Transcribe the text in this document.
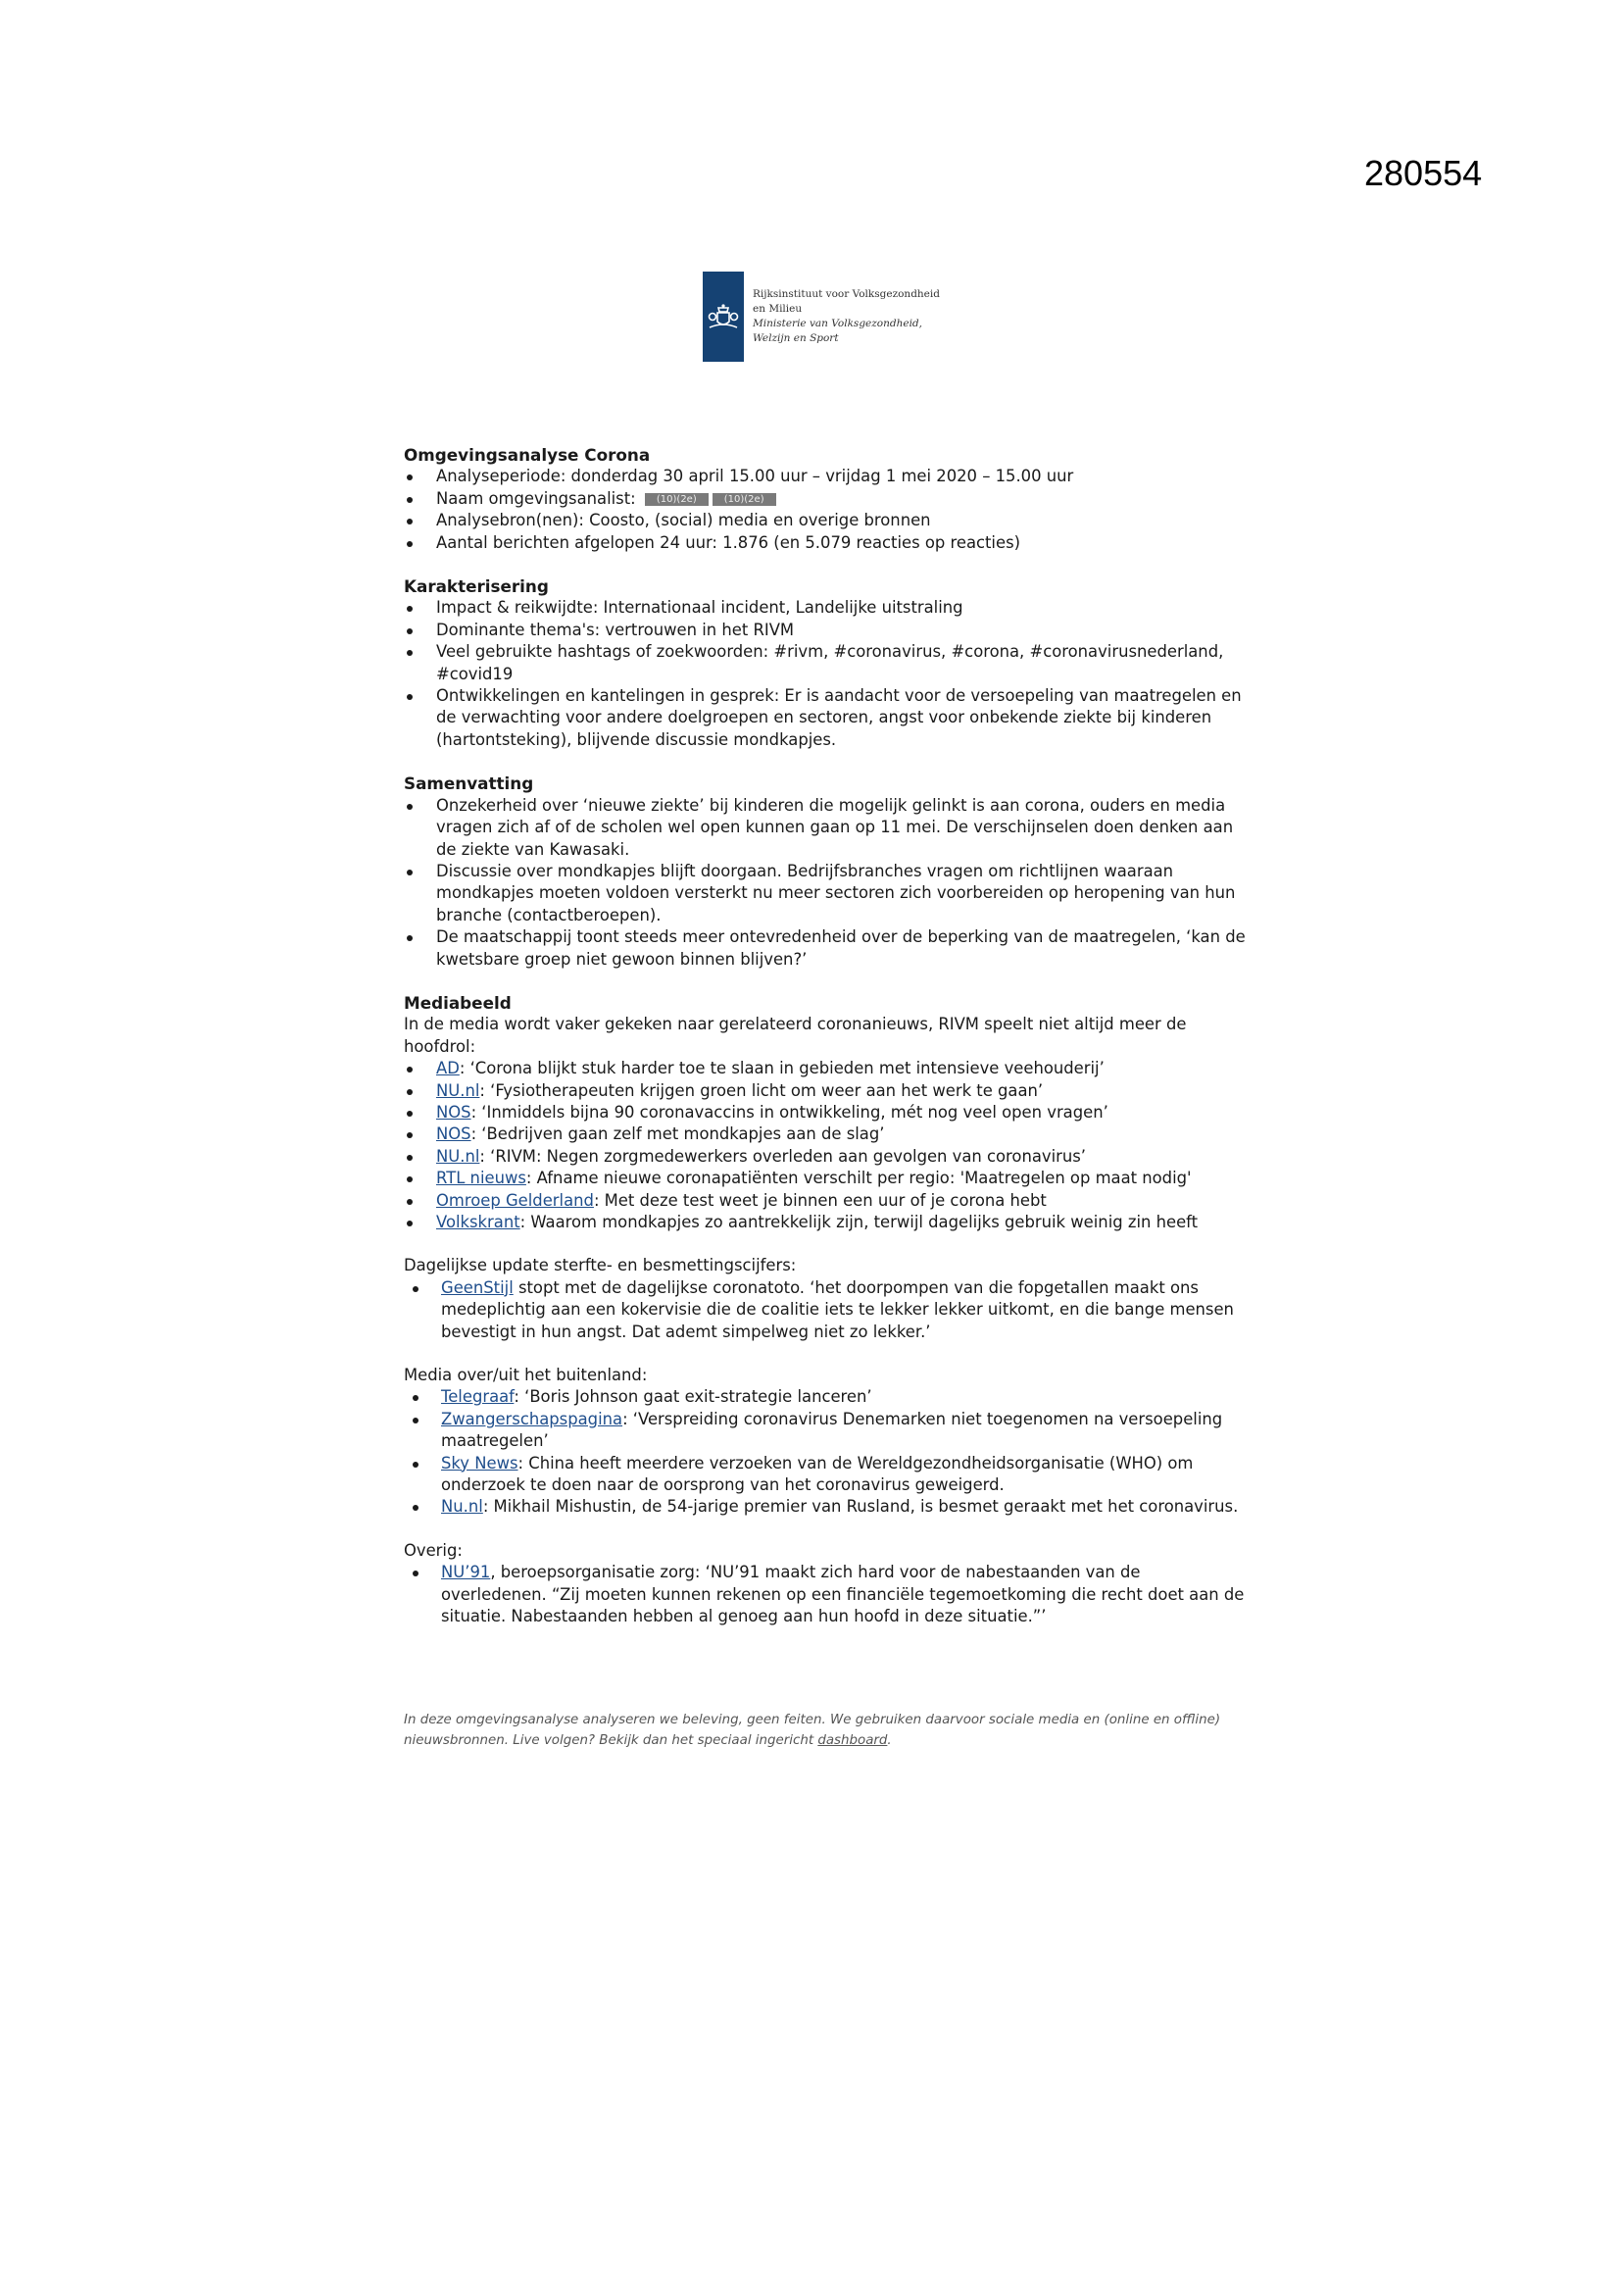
280554
Rijksinstituut voor Volksgezondheid
en Milieu
Ministerie van Volksgezondheid,
Welzijn en Sport
Omgevingsanalyse Corona
Analyseperiode: donderdag 30 april 15.00 uur – vrijdag 1 mei 2020 – 15.00 uur
Naam omgevingsanalist: (10)(2e)	(10)(2e)
Analysebron(nen): Coosto, (social) media en overige bronnen
Aantal berichten afgelopen 24 uur: 1.876 (en 5.079 reacties op reacties)
Karakterisering
Impact & reikwijdte: Internationaal incident, Landelijke uitstraling
Dominante thema's: vertrouwen in het RIVM
Veel gebruikte hashtags of zoekwoorden: #rivm, #coronavirus, #corona, #coronavirusnederland, #covid19
Ontwikkelingen en kantelingen in gesprek: Er is aandacht voor de versoepeling van maatregelen en de verwachting voor andere doelgroepen en sectoren, angst voor onbekende ziekte bij kinderen (hartontsteking), blijvende discussie mondkapjes.
Samenvatting
Onzekerheid over ‘nieuwe ziekte’ bij kinderen die mogelijk gelinkt is aan corona, ouders en media vragen zich af of de scholen wel open kunnen gaan op 11 mei. De verschijnselen doen denken aan de ziekte van Kawasaki.
Discussie over mondkapjes blijft doorgaan. Bedrijfsbranches vragen om richtlijnen waaraan mondkapjes moeten voldoen versterkt nu meer sectoren zich voorbereiden op heropening van hun branche (contactberoepen).
De maatschappij toont steeds meer ontevredenheid over de beperking van de maatregelen, ‘kan de kwetsbare groep niet gewoon binnen blijven?’
Mediabeeld

In de media wordt vaker gekeken naar gerelateerd coronanieuws, RIVM speelt niet altijd meer de hoofdrol:

AD: ‘Corona blijkt stuk harder toe te slaan in gebieden met intensieve veehouderij’
NU.nl: ‘Fysiotherapeuten krijgen groen licht om weer aan het werk te gaan’
NOS: ‘Inmiddels bijna 90 coronavaccins in ontwikkeling, mét nog veel open vragen’
NOS: ‘Bedrijven gaan zelf met mondkapjes aan de slag’
NU.nl: ‘RIVM: Negen zorgmedewerkers overleden aan gevolgen van coronavirus’
RTL nieuws: Afname nieuwe coronapatiënten verschilt per regio: 'Maatregelen op maat nodig'
Omroep Gelderland: Met deze test weet je binnen een uur of je corona hebt
Volkskrant: Waarom mondkapjes zo aantrekkelijk zijn, terwijl dagelijks gebruik weinig zin heeft

Dagelijkse update sterfte- en besmettingscijfers:

GeenStijl stopt met de dagelijkse coronatoto. ‘het doorpompen van die fopgetallen maakt ons medeplichtig aan een kokervisie die de coalitie iets te lekker lekker uitkomt, en die bange mensen bevestigt in hun angst. Dat ademt simpelweg niet zo lekker.’

Media over/uit het buitenland:

Telegraaf: ‘Boris Johnson gaat exit-strategie lanceren’
Zwangerschapspagina: ‘Verspreiding coronavirus Denemarken niet toegenomen na versoepeling maatregelen’
Sky News: China heeft meerdere verzoeken van de Wereldgezondheidsorganisatie (WHO) om onderzoek te doen naar de oorsprong van het coronavirus geweigerd.
Nu.nl: Mikhail Mishustin, de 54-jarige premier van Rusland, is besmet geraakt met het coronavirus.

Overig:

NU’91, beroepsorganisatie zorg: ‘NU’91 maakt zich hard voor de nabestaanden van de overledenen. “Zij moeten kunnen rekenen op een financiële tegemoetkoming die recht doet aan de situatie. Nabestaanden hebben al genoeg aan hun hoofd in deze situatie.”’
In deze omgevingsanalyse analyseren we beleving, geen feiten. We gebruiken daarvoor sociale media en (online en offline) nieuwsbronnen. Live volgen? Bekijk dan het speciaal ingericht dashboard.
